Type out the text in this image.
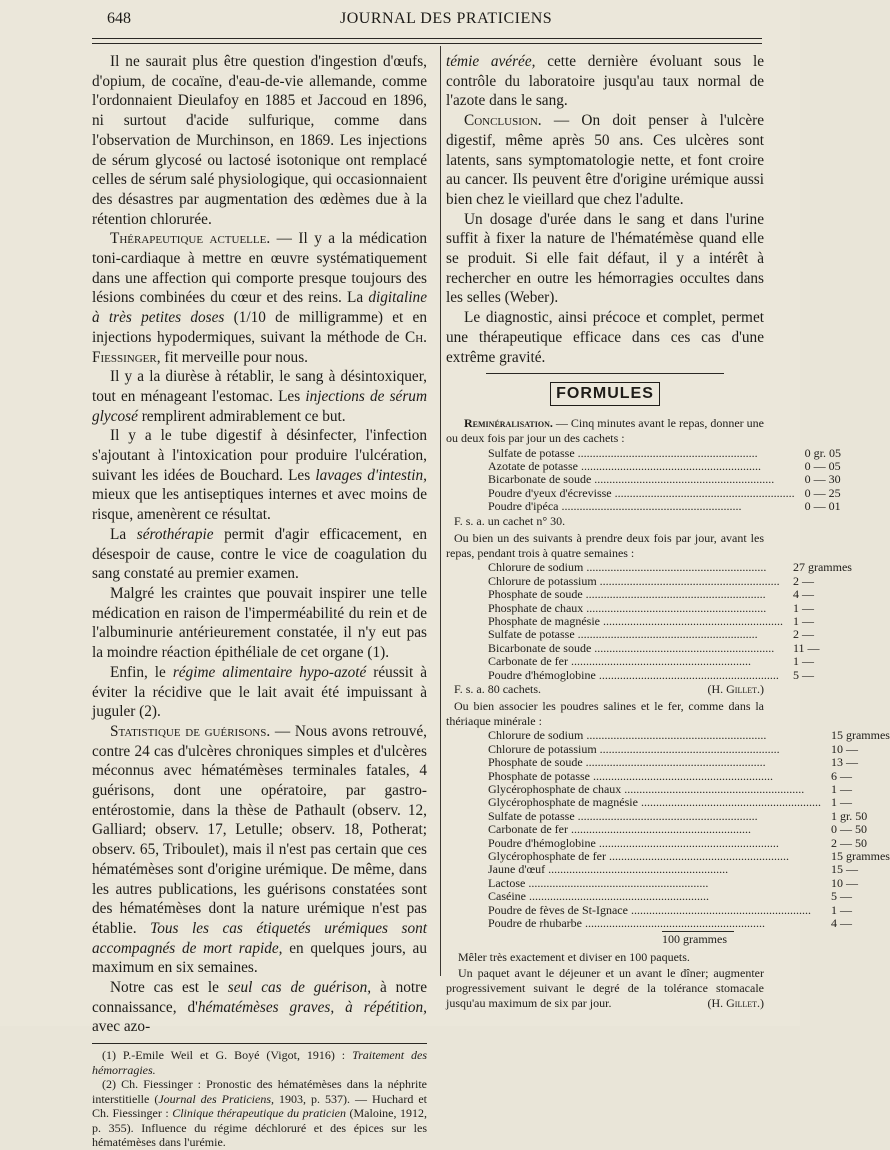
648	JOURNAL DES PRATICIENS

Il ne saurait plus être question d'ingestion d'œufs, d'opium, de cocaïne, d'eau-de-vie allemande, comme l'ordonnaient Dieulafoy en 1885 et Jaccoud en 1896, ni surtout d'acide sulfurique, comme dans l'observation de Murchinson, en 1869. Les injections de sérum glycosé ou lactosé isotonique ont remplacé celles de sérum salé physiologique, qui occasionnaient des désastres par augmentation des œdèmes due à la rétention chlorurée.

Thérapeutique actuelle. — Il y a la médication toni-cardiaque à mettre en œuvre systématiquement dans une affection qui comporte presque toujours des lésions combinées du cœur et des reins. La digitaline à très petites doses (1/10 de milligramme) et en injections hypodermiques, suivant la méthode de Ch. Fiessinger, fit merveille pour nous.

Il y a la diurèse à rétablir, le sang à désintoxiquer, tout en ménageant l'estomac. Les injections de sérum glycosé remplirent admirablement ce but.

Il y a le tube digestif à désinfecter, l'infection s'ajoutant à l'intoxication pour produire l'ulcération, suivant les idées de Bouchard. Les lavages d'intestin, mieux que les antiseptiques internes et avec moins de risque, amenèrent ce résultat.

La sérothérapie permit d'agir efficacement, en désespoir de cause, contre le vice de coagulation du sang constaté au premier examen.

Malgré les craintes que pouvait inspirer une telle médication en raison de l'imperméabilité du rein et de l'albuminurie antérieurement constatée, il n'y eut pas la moindre réaction épithéliale de cet organe (1).

Enfin, le régime alimentaire hypo-azoté réussit à éviter la récidive que le lait avait été impuissant à juguler (2).

Statistique de guérisons. — Nous avons retrouvé, contre 24 cas d'ulcères chroniques simples et d'ulcères méconnus avec hématémèses terminales fatales, 4 guérisons, dont une opératoire, par gastro-entérostomie, dans la thèse de Pathault (observ. 12, Galliard; observ. 17, Letulle; observ. 18, Potherat; observ. 65, Triboulet), mais il n'est pas certain que ces hématémèses sont d'origine urémique. De même, dans les autres publications, les guérisons constatées sont des hématémèses dont la nature urémique n'est pas établie. Tous les cas étiquetés urémiques sont accompagnés de mort rapide, en quelques jours, au maximum en six semaines.

Notre cas est le seul cas de guérison, à notre connaissance, d'hématémèses graves, à répétition, avec azo-

(1) P.-Emile Weil et G. Boyé (Vigot, 1916) : Traitement des hémorragies.

(2) Ch. Fiessinger : Pronostic des hématémèses dans la néphrite interstitielle (Journal des Praticiens, 1903, p. 537). — Huchard et Ch. Fiessinger : Clinique thérapeutique du praticien (Maloine, 1912, p. 355). Influence du régime déchloruré et des épices sur les hématémèses dans l'urémie.

témie avérée, cette dernière évoluant sous le contrôle du laboratoire jusqu'au taux normal de l'azote dans le sang.

Conclusion. — On doit penser à l'ulcère digestif, même après 50 ans. Ces ulcères sont latents, sans symptomatologie nette, et font croire au cancer. Ils peuvent être d'origine urémique aussi bien chez le vieillard que chez l'adulte.

Un dosage d'urée dans le sang et dans l'urine suffit à fixer la nature de l'hématémèse quand elle se produit. Si elle fait défaut, il y a intérêt à rechercher en outre les hémorragies occultes dans les selles (Weber).

Le diagnostic, ainsi précoce et complet, permet une thérapeutique efficace dans ces cas d'une extrême gravité.

FORMULES
Reminéralisation. — Cinq minutes avant le repas, donner une ou deux fois par jour un des cachets :
Sulfate de potasse ............................................................	0 gr. 05
Azotate de potasse ............................................................	0 — 05
Bicarbonate de soude ............................................................	0 — 30
Poudre d'yeux d'écrevisse ............................................................	0 — 25
Poudre d'ipéca ............................................................	0 — 01
F. s. a. un cachet n° 30.
Ou bien un des suivants à prendre deux fois par jour, avant les repas, pendant trois à quatre semaines :
Chlorure de sodium ............................................................	27 grammes
Chlorure de potassium ............................................................	2 —
Phosphate de soude ............................................................	4 —
Phosphate de chaux ............................................................	1 —
Phosphate de magnésie ............................................................	1 —
Sulfate de potasse ............................................................	2 —
Bicarbonate de soude ............................................................	11 —
Carbonate de fer ............................................................	1 —
Poudre d'hémoglobine ............................................................	5 —
F. s. a. 80 cachets.	(H. Gillet.)
Ou bien associer les poudres salines et le fer, comme dans la thériaque minérale :
Chlorure de sodium ............................................................	15 grammes
Chlorure de potassium ............................................................	10 —
Phosphate de soude ............................................................	13 —
Phosphate de potasse ............................................................	6 —
Glycérophosphate de chaux ............................................................	1 —
Glycérophosphate de magnésie ............................................................	1 —
Sulfate de potasse ............................................................	1 gr. 50
Carbonate de fer ............................................................	0 — 50
Poudre d'hémoglobine ............................................................	2 — 50
Glycérophosphate de fer ............................................................	15 grammes
Jaune d'œuf ............................................................	15 —
Lactose ............................................................	10 —
Caséine ............................................................	5 —
Poudre de fèves de St-Ignace ............................................................	1 —
Poudre de rhubarbe ............................................................	4 —
100 grammes
Mêler très exactement et diviser en 100 paquets.
Un paquet avant le déjeuner et un avant le dîner; augmenter progressivement suivant le degré de la tolérance stomacale jusqu'au maximum de six par jour.	(H. Gillet.)
